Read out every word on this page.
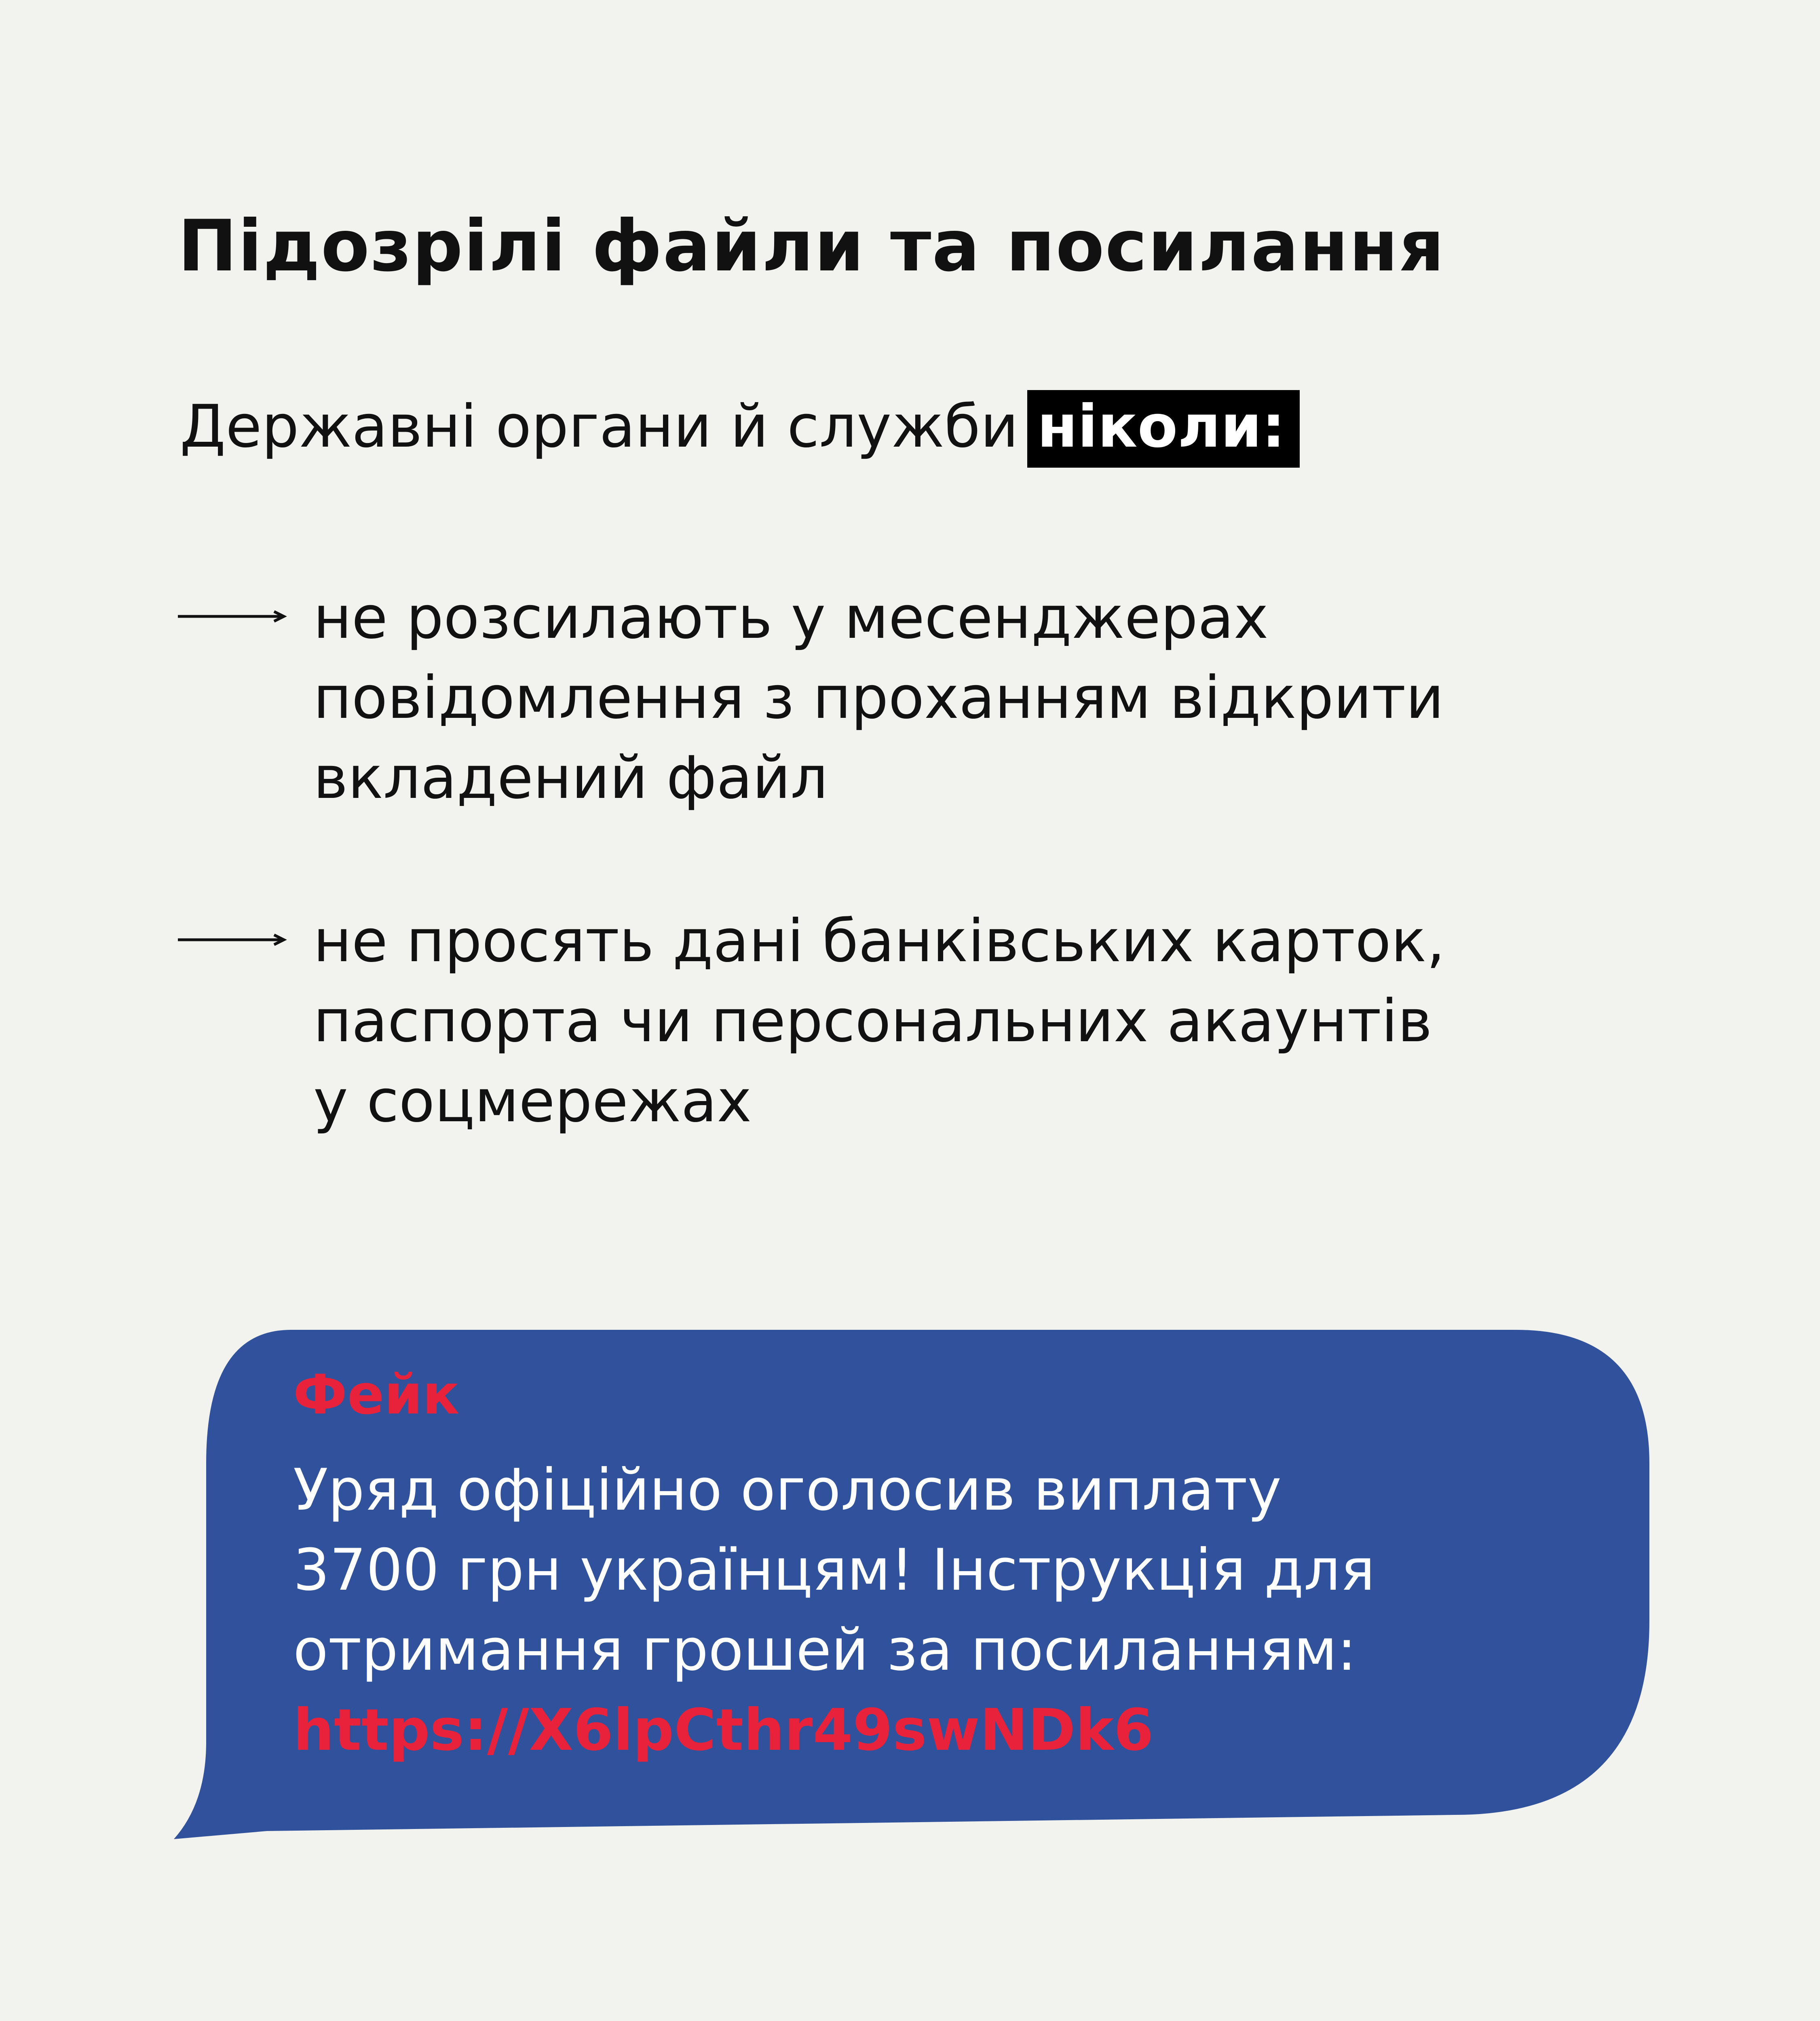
Підозрілі файли та посилання
Державні органи й служби ніколи:
не розсилають у месенджерах
повідомлення з проханням відкрити
вкладений файл
не просять дані банківських карток,
паспорта чи персональних акаунтів
у соцмережах
Фейк
Уряд офіційно оголосив виплату
3700 грн українцям! Інструкція для
отримання грошей за посиланням:
https://X6lpCthr49swNDk6
